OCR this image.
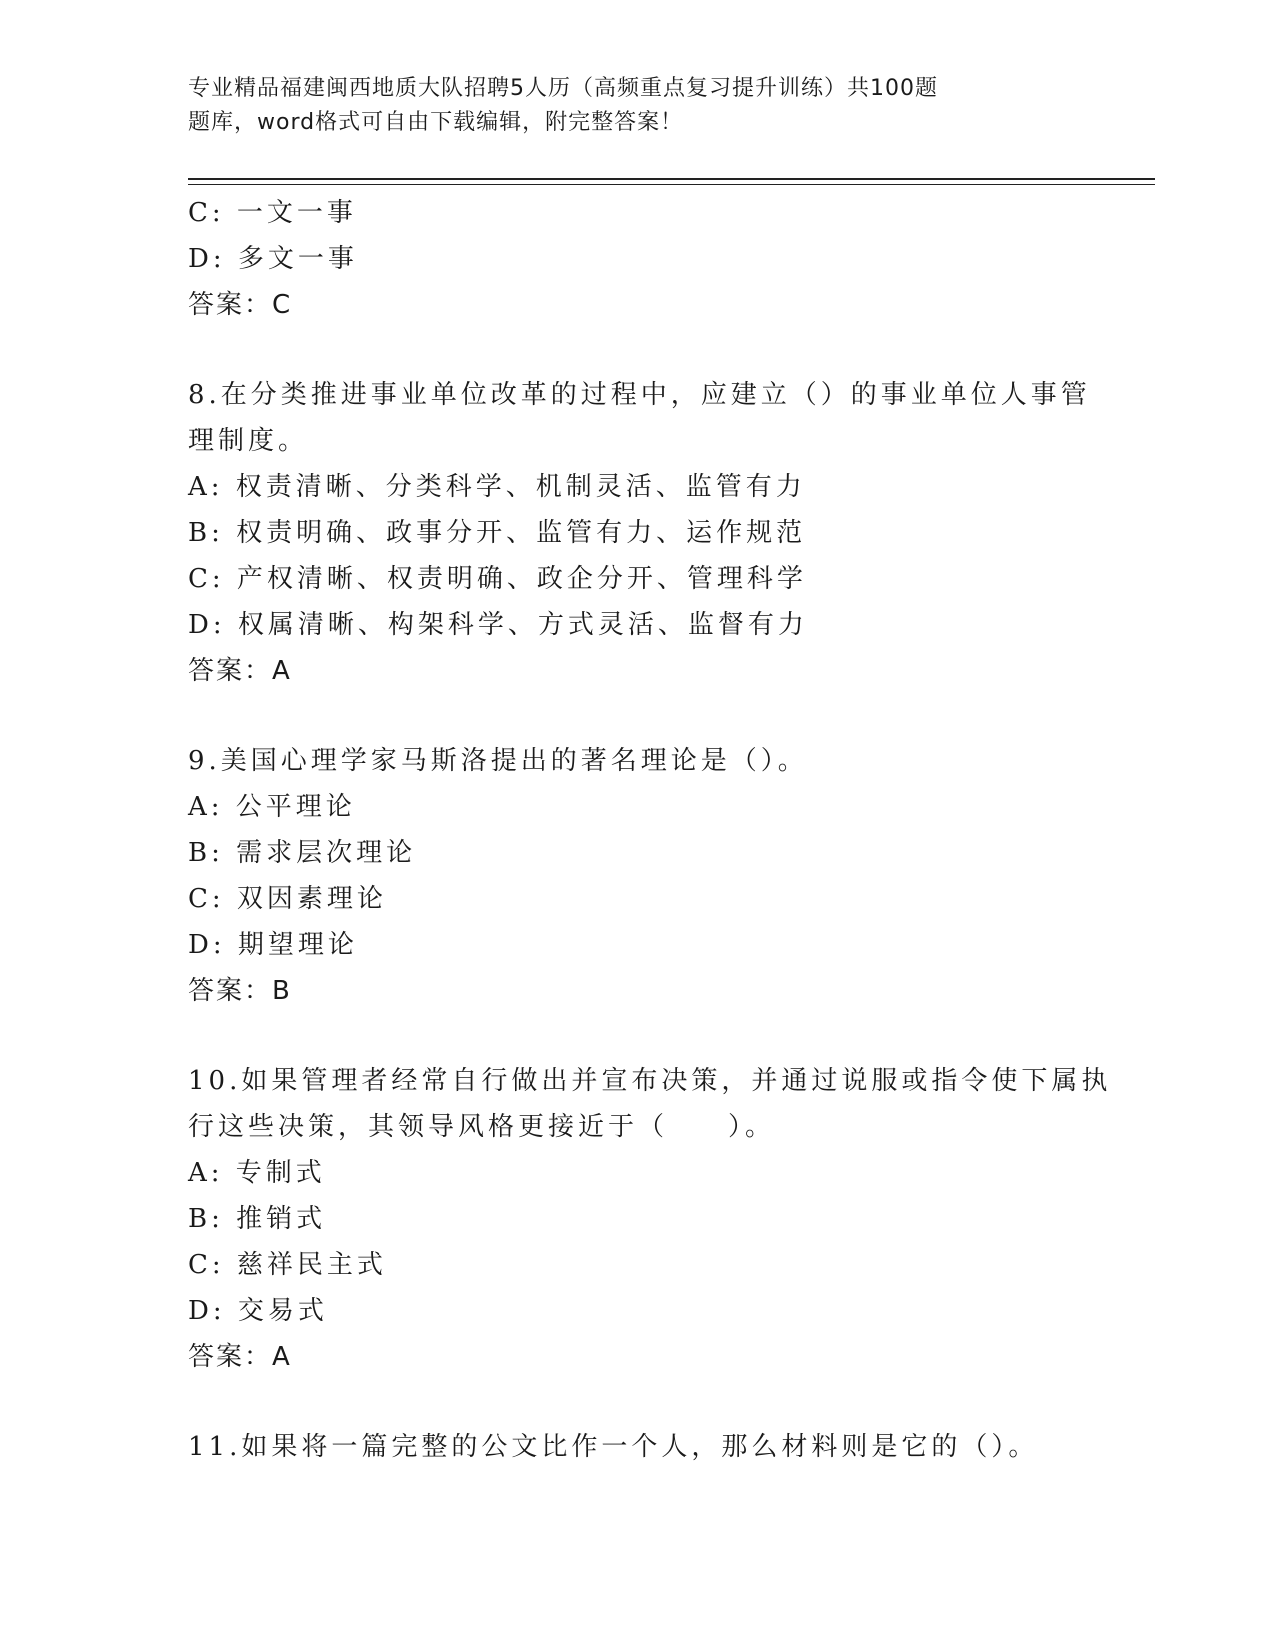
专业精品福建闽西地质大队招聘5人历（高频重点复习提升训练）共100题
题库，word格式可自由下载编辑，附完整答案！
C: 一文一事
D: 多文一事
答案：C
8.在分类推进事业单位改革的过程中，应建立（）的事业单位人事管
理制度。
A: 权责清晰、分类科学、机制灵活、监管有力
B: 权责明确、政事分开、监管有力、运作规范
C: 产权清晰、权责明确、政企分开、管理科学
D: 权属清晰、构架科学、方式灵活、监督有力
答案：A
9.美国心理学家马斯洛提出的著名理论是（）。
A: 公平理论
B: 需求层次理论
C: 双因素理论
D: 期望理论
答案：B
10.如果管理者经常自行做出并宣布决策，并通过说服或指令使下属执
行这些决策，其领导风格更接近于（　　）。
A: 专制式
B: 推销式
C: 慈祥民主式
D: 交易式
答案：A
11.如果将一篇完整的公文比作一个人，那么材料则是它的（）。
